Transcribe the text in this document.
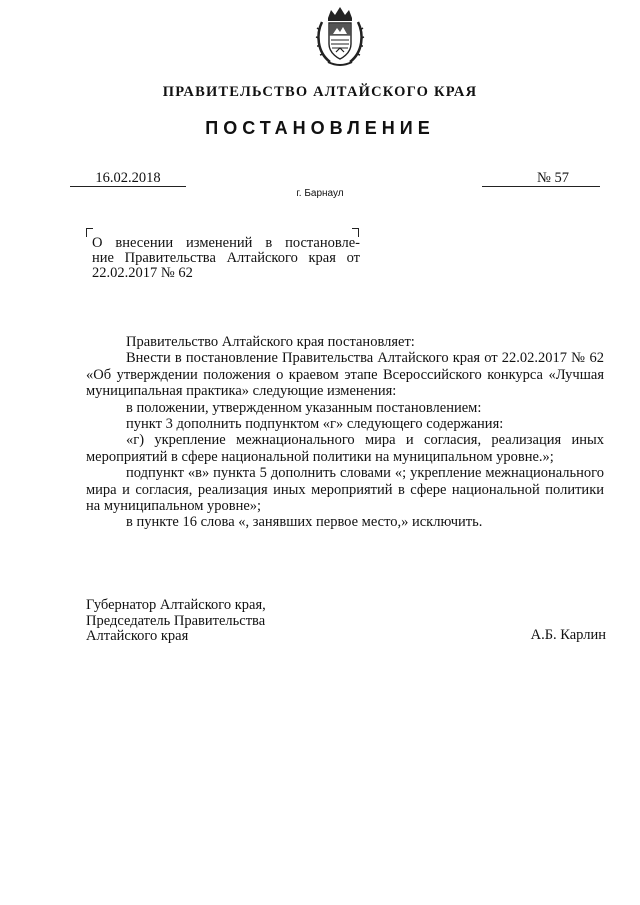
ПРАВИТЕЛЬСТВО АЛТАЙСКОГО КРАЯ
ПОСТАНОВЛЕНИЕ
16.02.2018	№ 57
г. Барнаул
О внесении изменений в постановле-
ние Правительства Алтайского края от
22.02.2017 № 62

Правительство Алтайского края постановляет:

Внести в постановление Правительства Алтайского края от 22.02.2017 № 62 «Об утверждении положения о краевом этапе Всероссийского конкурса «Лучшая муниципальная практика» следующие изменения:

в положении, утвержденном указанным постановлением:

пункт 3 дополнить подпунктом «г» следующего содержания:

«г) укрепление межнационального мира и согласия, реализация иных мероприятий в сфере национальной политики на муниципальном уровне.»;

подпункт «в» пункта 5 дополнить словами «; укрепление межнационального мира и согласия, реализация иных мероприятий в сфере национальной политики на муниципальном уровне»;

в пункте 16 слова «, занявших первое место,» исключить.

Губернатор Алтайского края,
Председатель Правительства
Алтайского края	А.Б. Карлин
